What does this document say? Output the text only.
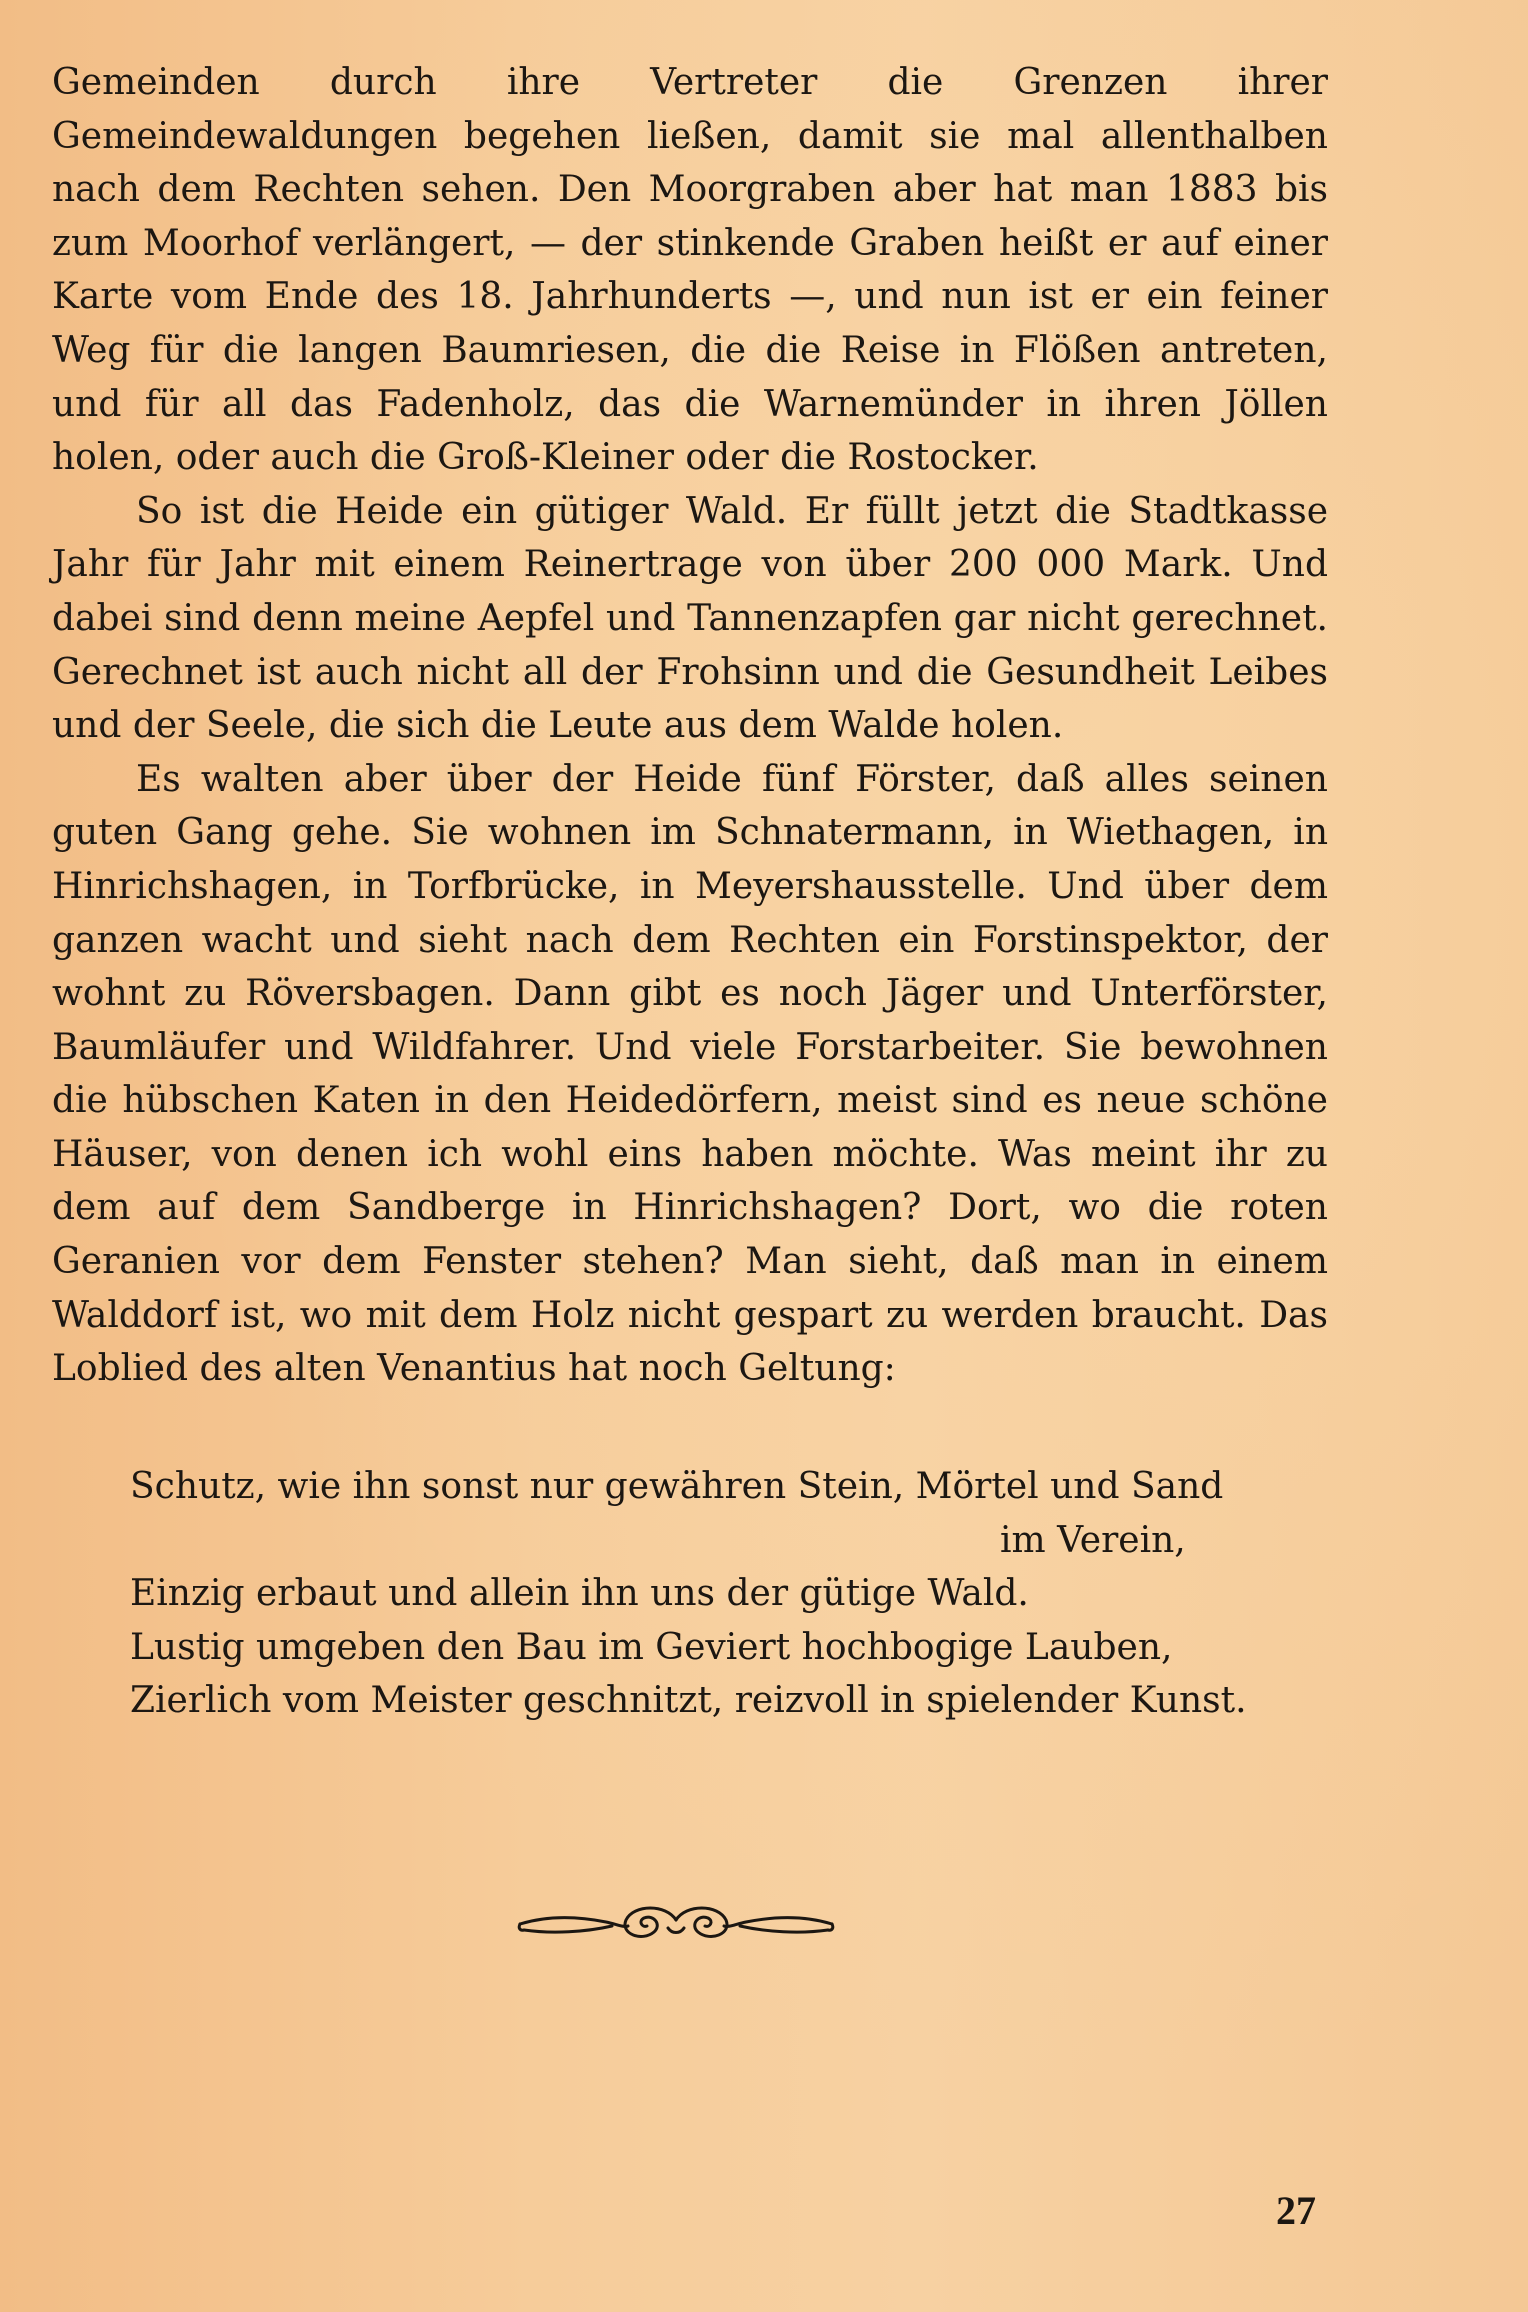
Gemeinden durch ihre Vertreter die Grenzen ihrer Gemeindewaldungen begehen ließen, damit sie mal allenthalben nach dem Rechten sehen. Den Moorgraben aber hat man 1883 bis zum Moorhof verlängert, — der stinkende Graben heißt er auf einer Karte vom Ende des 18. Jahrhunderts —, und nun ist er ein feiner Weg für die langen Baumriesen, die die Reise in Flößen antreten, und für all das Fadenholz, das die Warnemünder in ihren Jöllen holen, oder auch die Groß-Kleiner oder die Rostocker.

So ist die Heide ein gütiger Wald. Er füllt jetzt die Stadtkasse Jahr für Jahr mit einem Reinertrage von über 200 000 Mark. Und dabei sind denn meine Aepfel und Tannenzapfen gar nicht gerechnet. Gerechnet ist auch nicht all der Frohsinn und die Gesundheit Leibes und der Seele, die sich die Leute aus dem Walde holen.

Es walten aber über der Heide fünf Förster, daß alles seinen guten Gang gehe. Sie wohnen im Schnatermann, in Wiethagen, in Hinrichshagen, in Torfbrücke, in Meyershausstelle. Und über dem ganzen wacht und sieht nach dem Rechten ein Forstinspektor, der wohnt zu Röversbagen. Dann gibt es noch Jäger und Unterförster, Baumläufer und Wildfahrer. Und viele Forstarbeiter. Sie bewohnen die hübschen Katen in den Heidedörfern, meist sind es neue schöne Häuser, von denen ich wohl eins haben möchte. Was meint ihr zu dem auf dem Sandberge in Hinrichshagen? Dort, wo die roten Geranien vor dem Fenster stehen? Man sieht, daß man in einem Walddorf ist, wo mit dem Holz nicht gespart zu werden braucht. Das Loblied des alten Venantius hat noch Geltung:

Schutz, wie ihn sonst nur gewähren Stein, Mörtel und Sand
im Verein,
Einzig erbaut und allein ihn uns der gütige Wald.
Lustig umgeben den Bau im Geviert hochbogige Lauben,
Zierlich vom Meister geschnitzt, reizvoll in spielender Kunst.
27
